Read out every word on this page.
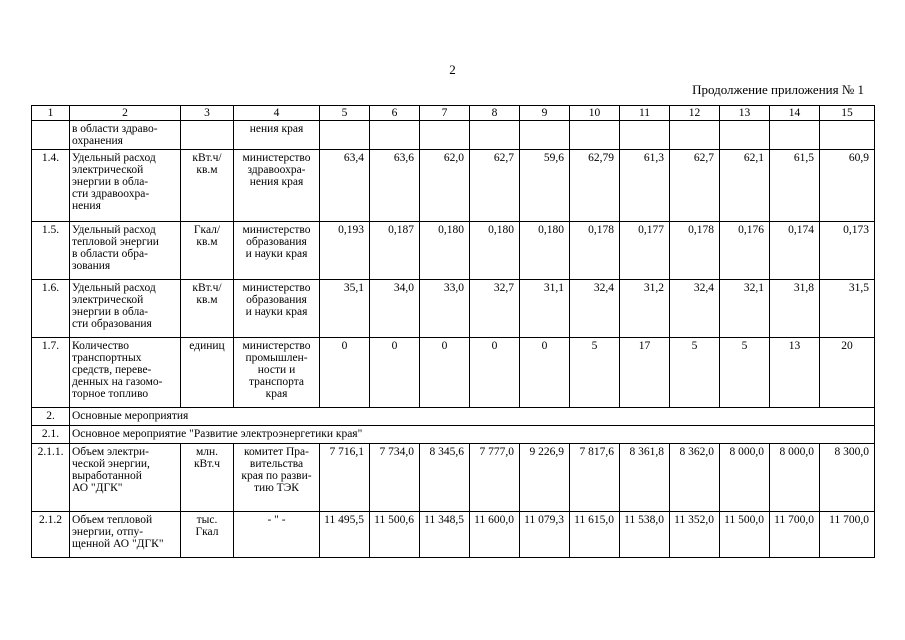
2
Продолжение приложения № 1
1	2	3	4	5	6	7	8	9	10	11	12	13	14	15

	в области здраво-
охранения		нения края											

1.4.	Удельный расход
электрической
энергии в обла-
сти здравоохра-
нения	кВт.ч/
кв.м	министерство
здравоохра-
нения края	63,4	63,6	62,0	62,7	59,6	62,79	61,3	62,7	62,1	61,5	60,9
1.5.	Удельный расход
тепловой энергии
в области обра-
зования	Гкал/
кв.м	министерство
образования
и науки края	0,193	0,187	0,180	0,180	0,180	0,178	0,177	0,178	0,176	0,174	0,173
1.6.	Удельный расход
электрической
энергии в обла-
сти образования	кВт.ч/
кв.м	министерство
образования
и науки края	35,1	34,0	33,0	32,7	31,1	32,4	31,2	32,4	32,1	31,8	31,5
1.7.	Количество
транспортных
средств, переве-
денных на газомо-
торное топливо	единиц	министерство
промышлен-
ности и
транспорта
края	0	0	0	0	0	5	17	5	5	13	20
2.	Основные мероприятия													
2.1.	Основное мероприятие "Развитие электроэнергетики края"													
2.1.1.	Объем электри-
ческой энергии,
выработанной
АО "ДГК"	млн.
кВт.ч	комитет Пра-
вительства
края по разви-
тию ТЭК	7 716,1	7 734,0	8 345,6	7 777,0	9 226,9	7 817,6	8 361,8	8 362,0	8 000,0	8 000,0	8 300,0
2.1.2	Объем тепловой
энергии, отпу-
щенной АО "ДГК"	тыс.
Гкал	- " -	11 495,5	11 500,6	11 348,5	11 600,0	11 079,3	11 615,0	11 538,0	11 352,0	11 500,0	11 700,0	11 700,0
